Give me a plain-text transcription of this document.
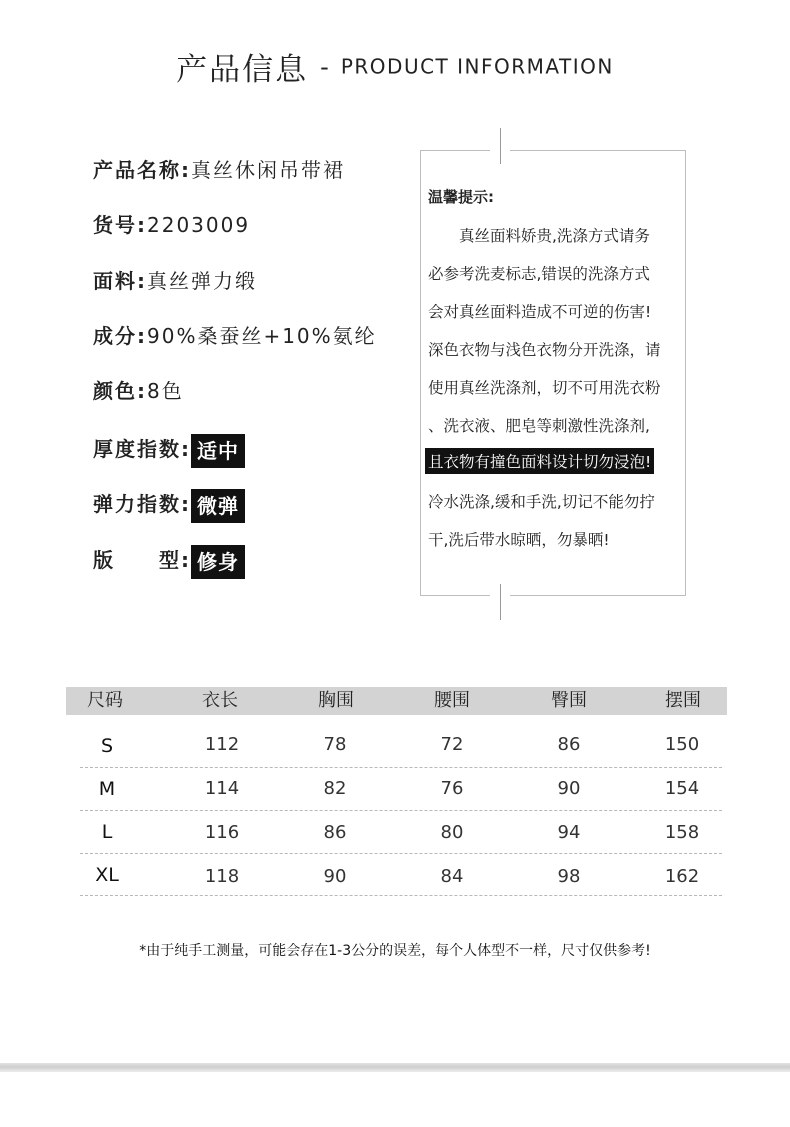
产品信息 - PRODUCT INFORMATION
产品名称:真丝休闲吊带裙
货号:2203009
面料:真丝弹力缎
成分:90%桑蚕丝+10%氨纶
颜色:8色
厚度指数: 适中
弹力指数: 微弹
版　　型: 修身
温馨提示:
　　真丝面料娇贵,洗涤方式请务
必参考洗麦标志,错误的洗涤方式
会对真丝面料造成不可逆的伤害!
深色衣物与浅色衣物分开洗涤，请
使用真丝洗涤剂，切不可用洗衣粉
、洗衣液、肥皂等刺激性洗涤剂,
且衣物有撞色面料设计切勿浸泡!
冷水洗涤,缓和手洗,切记不能勿拧
干,洗后带水晾晒，勿暴晒!
尺码	衣长	胸围	腰围	臀围	摆围
S	112	78	72	86	150
M	114	82	76	90	154
L	116	86	80	94	158
XL	118	90	84	98	162
*由于纯手工测量，可能会存在1-3公分的误差，每个人体型不一样，尺寸仅供参考!
